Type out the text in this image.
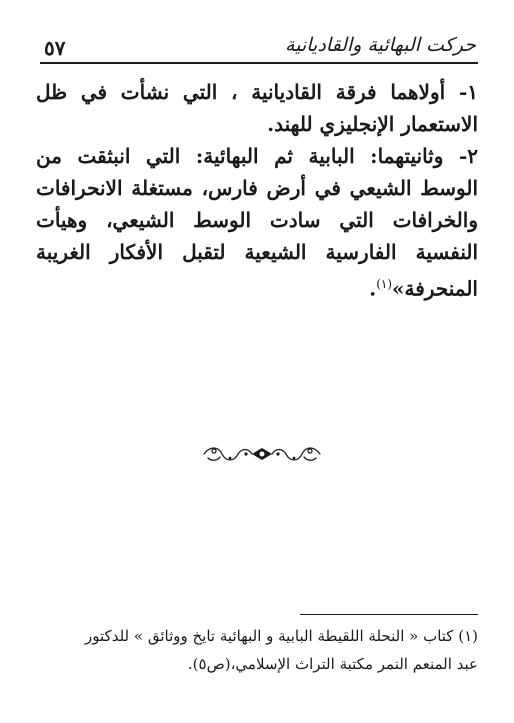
٥٧	حركت البهائية والقاديانية

١- أولاهما فرقة القاديانية ، التي نشأت في ظل الاستعمار الإنجليزي للهند.

٢- وثانيتهما: البابية ثم البهائية: التي انبثقت من الوسط الشيعي في أرض فارس، مستغلة الانحرافات والخرافات التي سادت الوسط الشيعي، وهيأت النفسية الفارسية الشيعية لتقبل الأفكار الغريبة المنحرفة»$^{(١)}$.

(١) كتاب « النحلة اللقيطة البابية و البهائية تايخ ووثائق » للدكتور

عبد المنعم النمر مكتبة التراث الإسلامي،(ص٥).
